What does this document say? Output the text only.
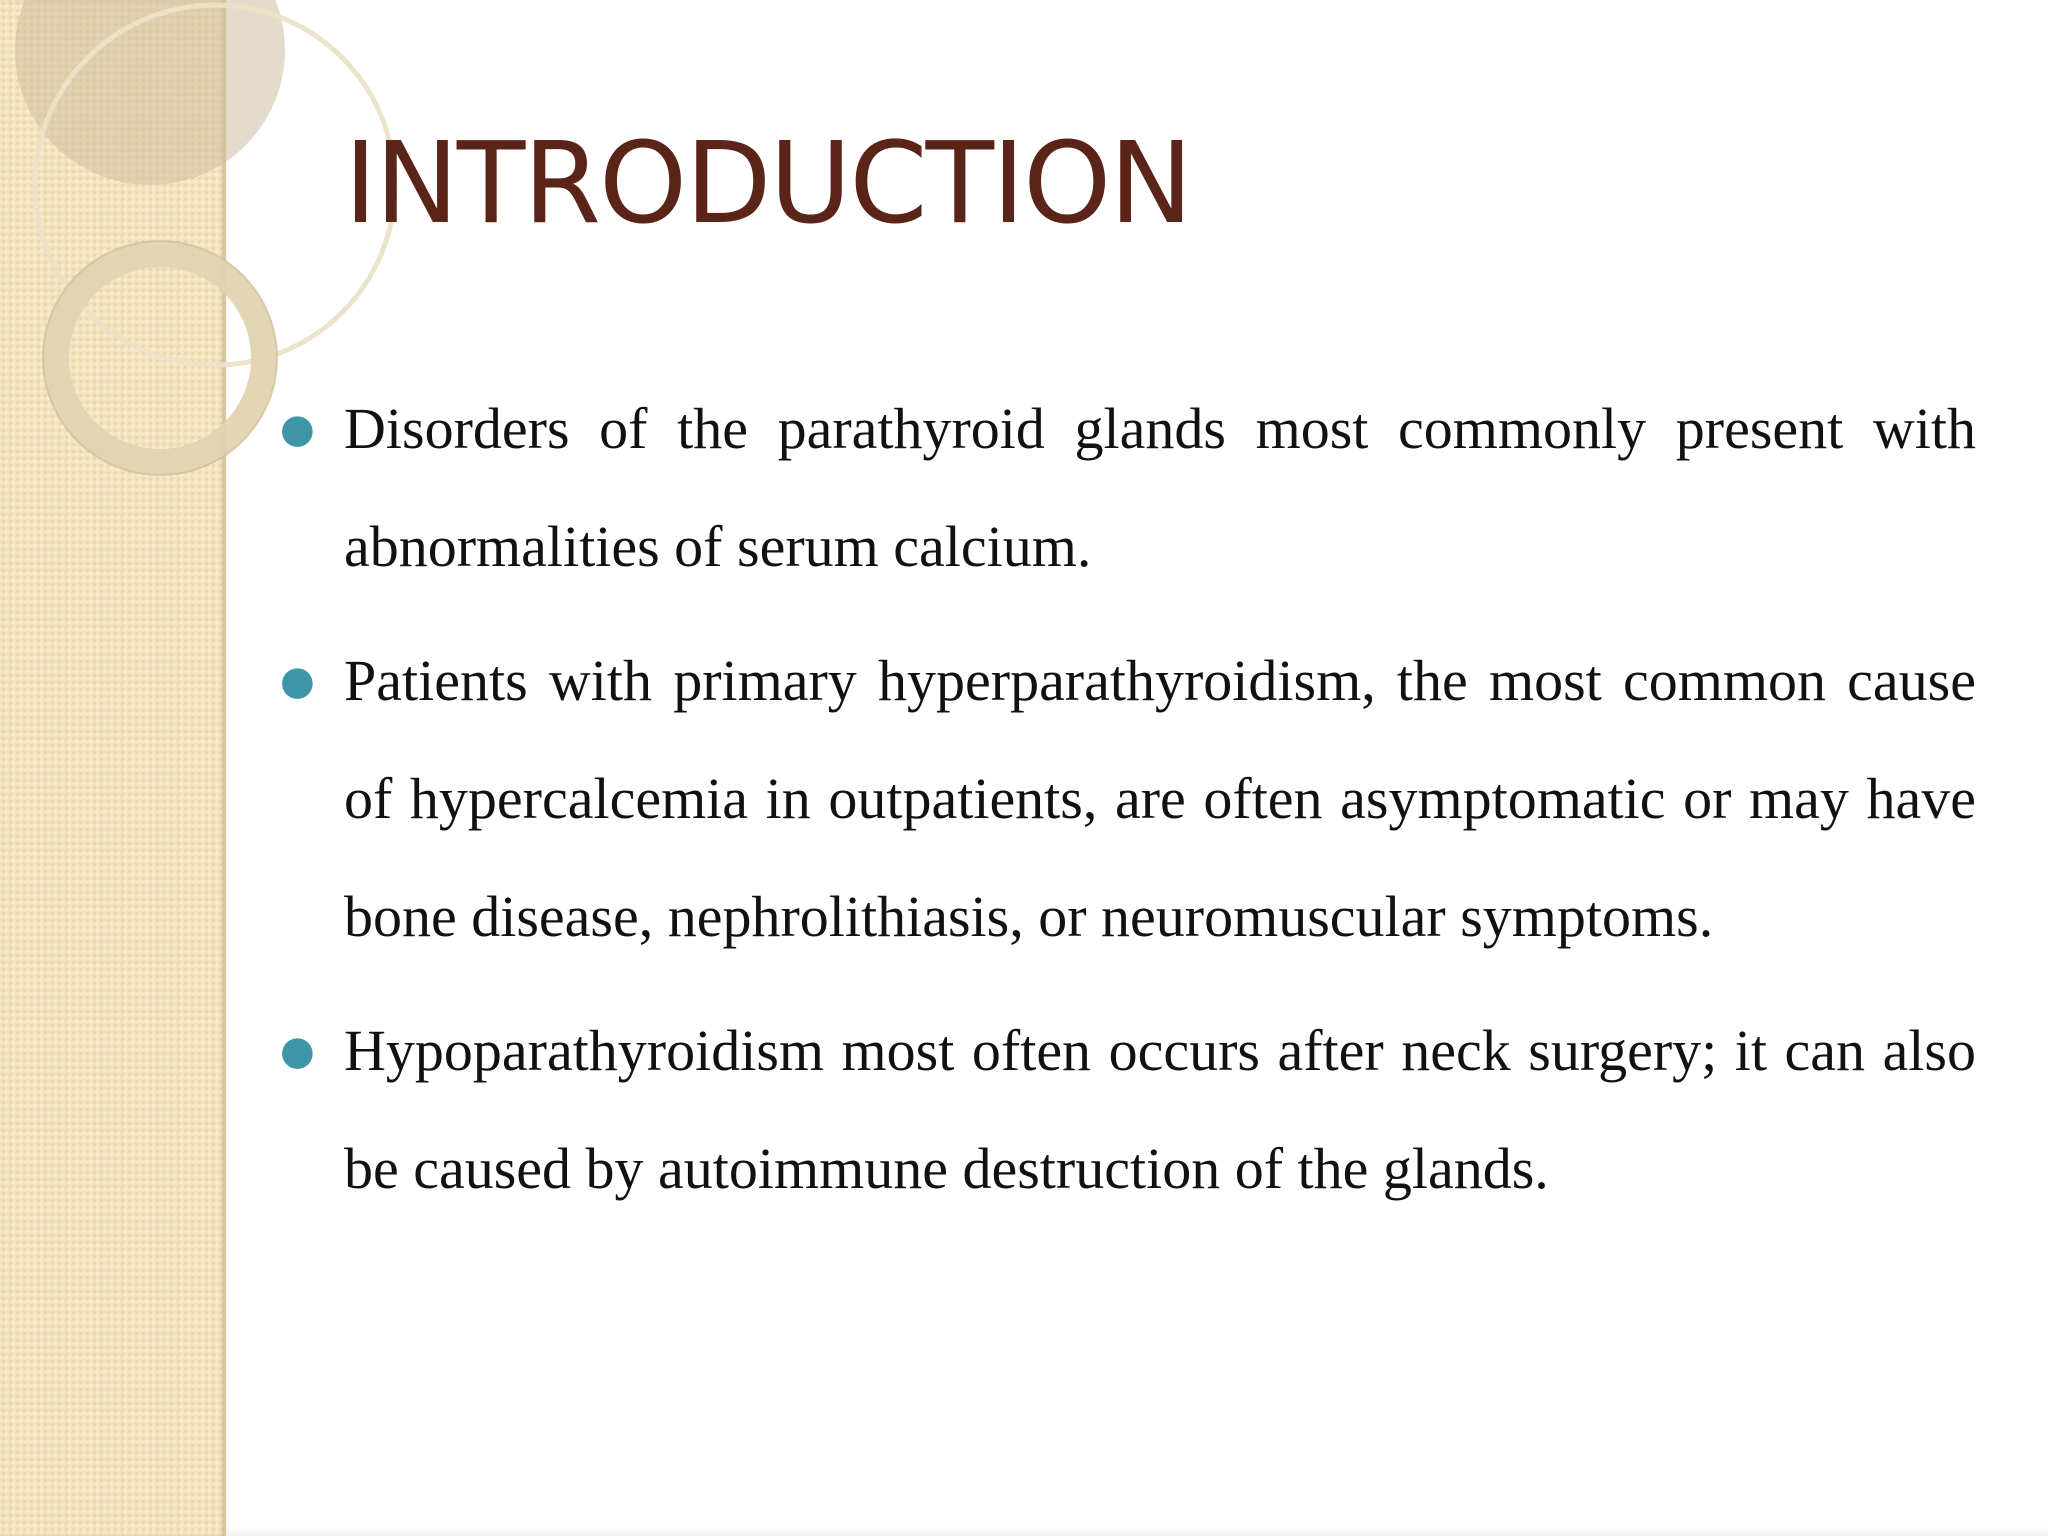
INTRODUCTION
● Disorders of the parathyroid glands most commonly present with abnormalities of serum calcium.
● Patients with primary hyperparathyroidism, the most common cause of hypercalcemia in outpatients, are often asymptomatic or may have bone disease, nephrolithiasis, or neuromuscular symptoms.
● Hypoparathyroidism most often occurs after neck surgery; it can also be caused by autoimmune destruction of the glands.
